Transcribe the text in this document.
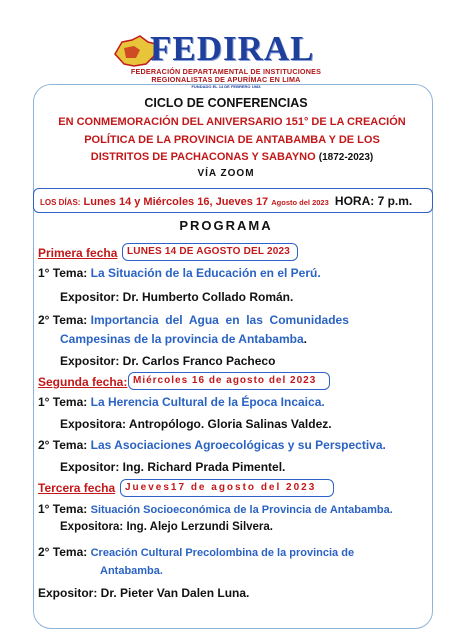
FEDIRAL
FEDERACIÓN DEPARTAMENTAL DE INSTITUCIONES
REGIONALISTAS DE APURÍMAC EN LIMA
FUNDADO EL 14 DE FEBRERO 1983
CICLO DE CONFERENCIAS
EN CONMEMORACIÓN DEL ANIVERSARIO 151° DE LA CREACIÓN
POLÍTICA DE LA PROVINCIA DE ANTABAMBA Y DE LOS
DISTRITOS DE PACHACONAS Y SABAYNO (1872-2023)
VÍA ZOOM
LOS DÍAS: Lunes 14 y Miércoles 16, Jueves 17 Agosto del 2023 HORA: 7 p.m.
PROGRAMA
Primera fecha LUNES 14 DE AGOSTO DEL 2023
1° Tema: La Situación de la Educación en el Perú.
Expositor: Dr. Humberto Collado Román.
2° Tema: Importancia  del  Agua  en  las  Comunidades
Campesinas de la provincia de Antabamba.
Expositor: Dr. Carlos Franco Pacheco
Segunda fecha: Miércoles 16 de agosto del 2023
1° Tema: La Herencia Cultural de la Época Incaica.
Expositora: Antropólogo. Gloria Salinas Valdez.
2° Tema: Las Asociaciones Agroecológicas y su Perspectiva.
Expositor: Ing. Richard Prada Pimentel.
Tercera fecha Jueves17 de agosto del 2023
1° Tema: Situación Socioeconómica de la Provincia de Antabamba.
Expositora: Ing. Alejo Lerzundi Silvera.
2° Tema: Creación Cultural Precolombina de la provincia de
Antabamba.
Expositor: Dr. Pieter Van Dalen Luna.
